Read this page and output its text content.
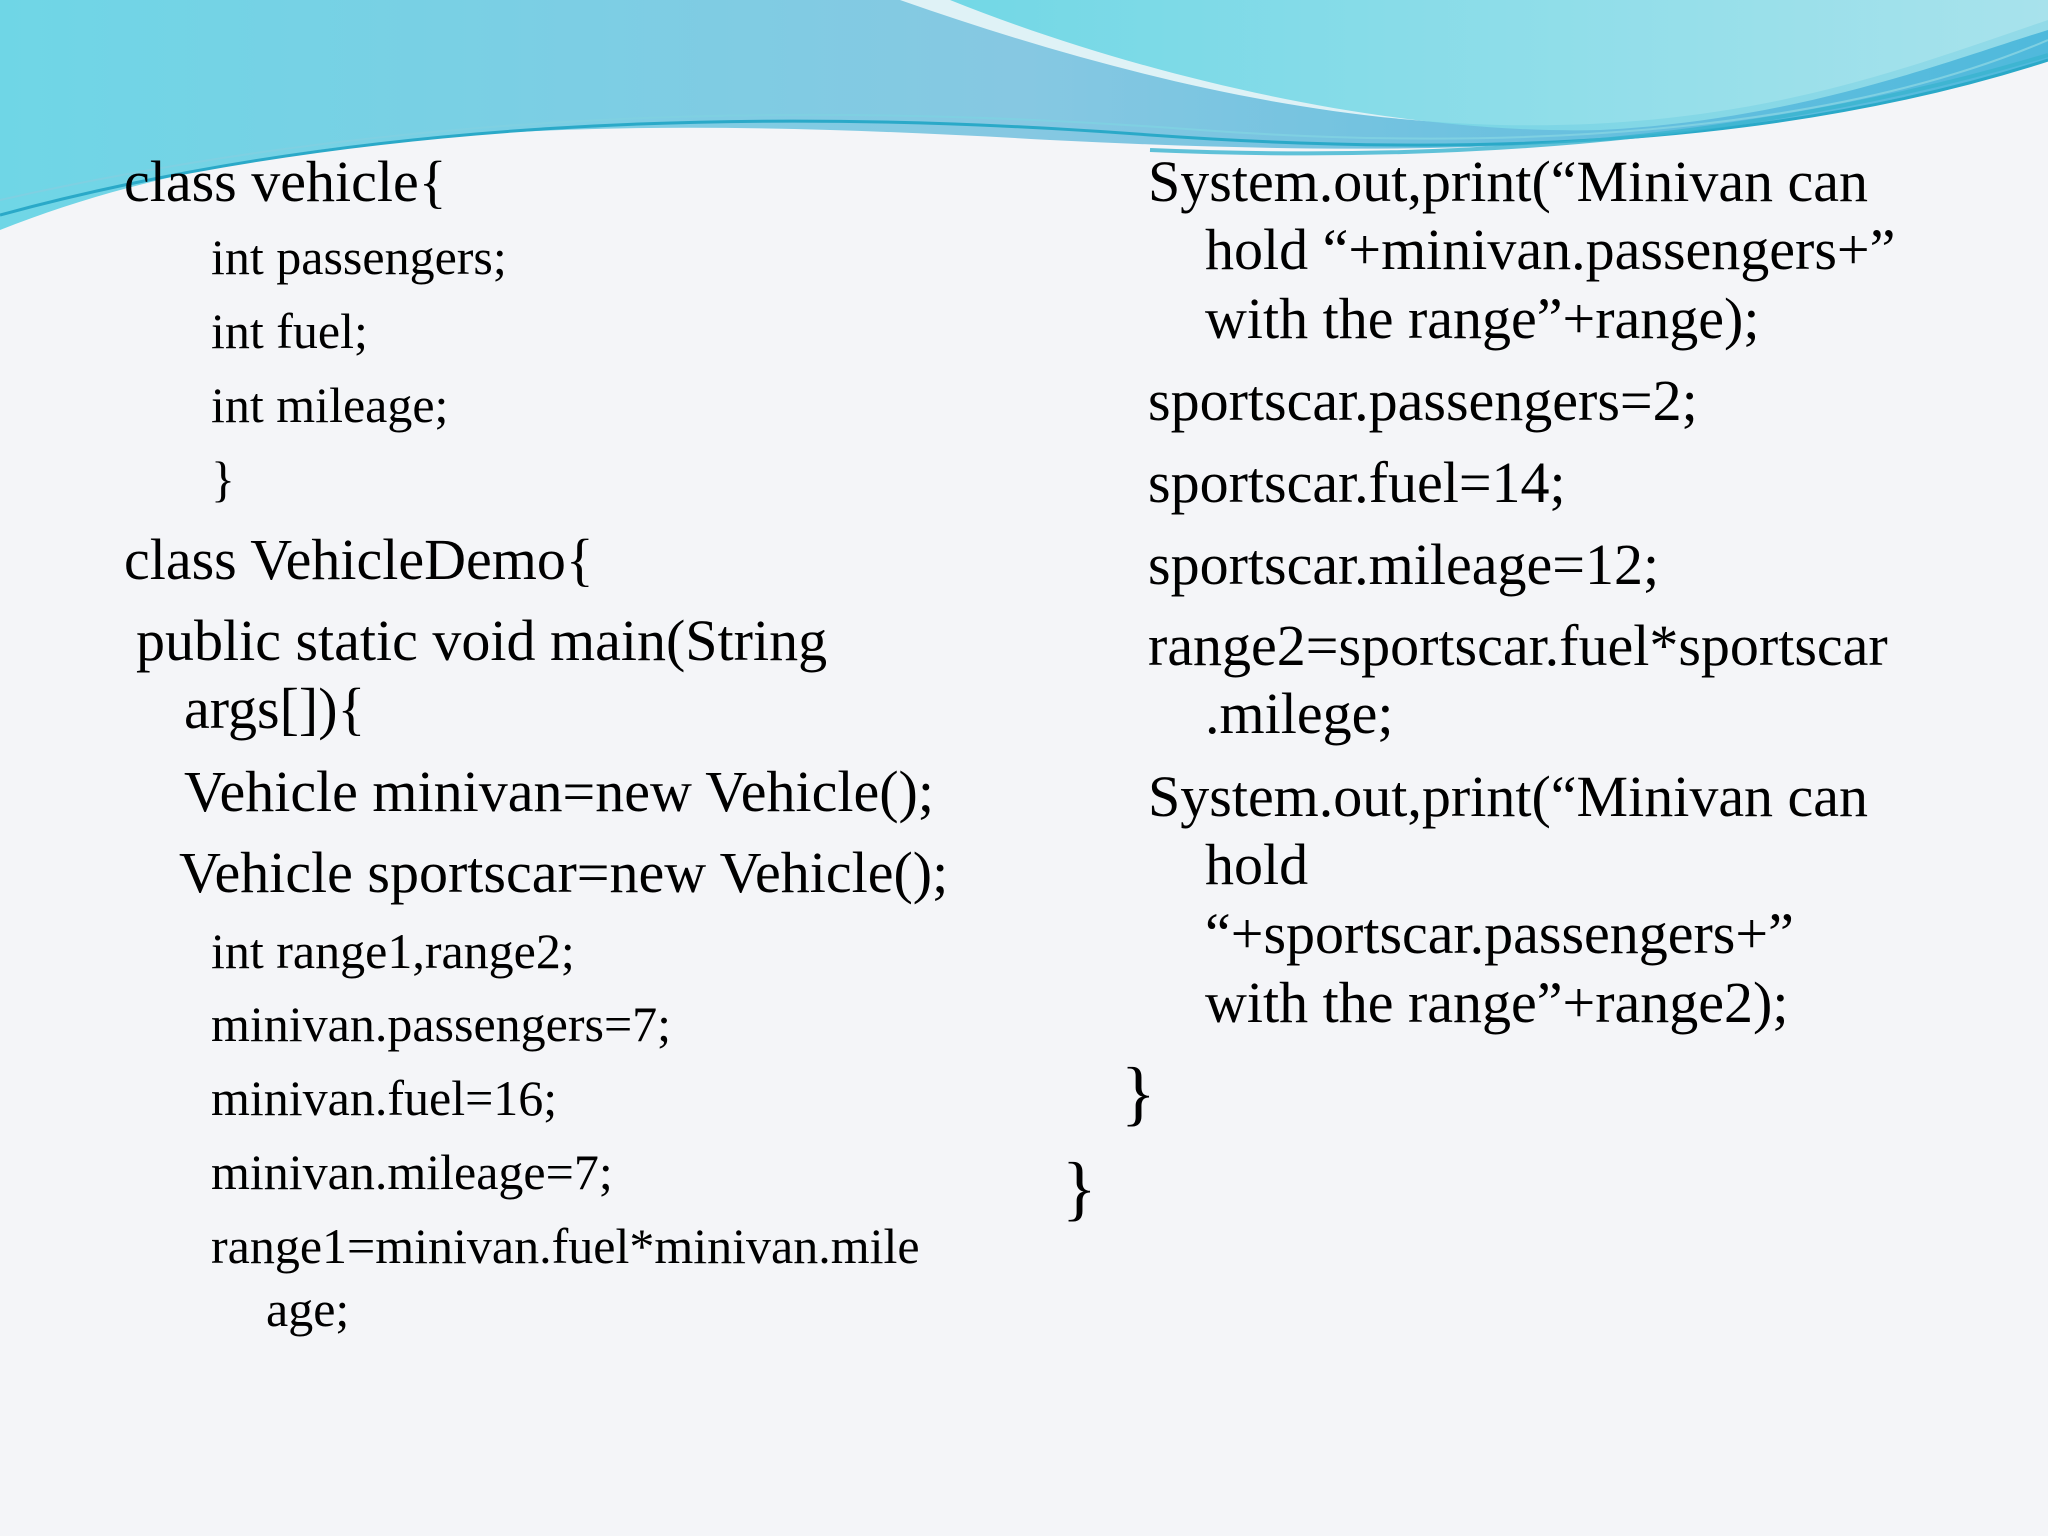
class vehicle{
int passengers;
int fuel;
int mileage;
}
class VehicleDemo{
public static void main(String
args[]){
Vehicle minivan=new Vehicle();
Vehicle sportscar=new Vehicle();
int range1,range2;
minivan.passengers=7;
minivan.fuel=16;
minivan.mileage=7;
range1=minivan.fuel*minivan.mile
age;
System.out,print(“Minivan can
hold “+minivan.passengers+”
with the range”+range);
sportscar.passengers=2;
sportscar.fuel=14;
sportscar.mileage=12;
range2=sportscar.fuel*sportscar
.milege;
System.out,print(“Minivan can
hold
“+sportscar.passengers+”
with the range”+range2);
}
}
